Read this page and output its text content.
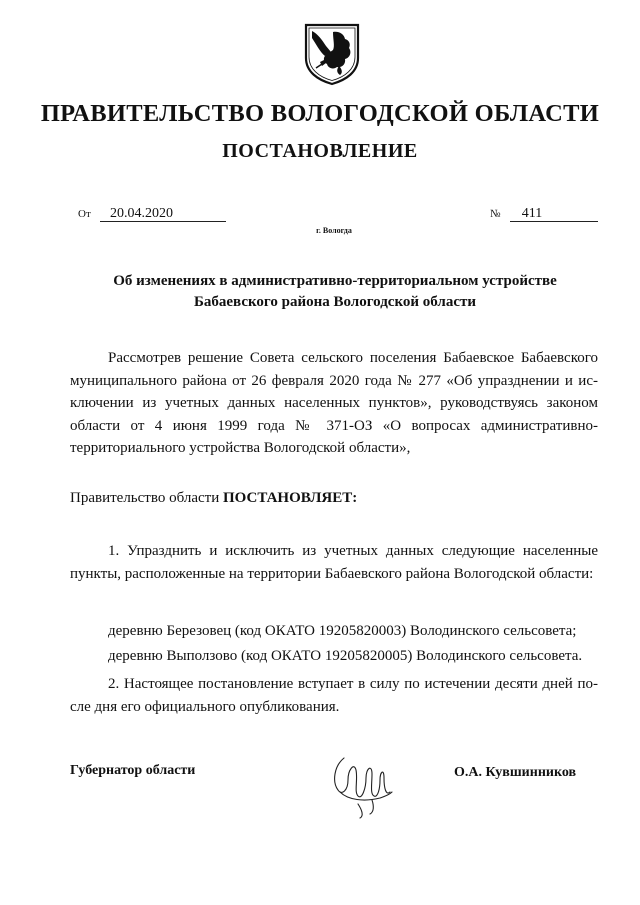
ПРАВИТЕЛЬСТВО ВОЛОГОДСКОЙ ОБЛАСТИ
ПОСТАНОВЛЕНИЕ
От 20.04.2020	№ 411
г. Вологда
Об изменениях в административно-территориальном устройстве
Бабаевского района Вологодской области
Рассмотрев решение Совета сельского поселения Бабаевское Бабаевского муниципального района от 26 февраля 2020 года № 277 «Об упразднении и исключении из учетных данных населенных пунктов», руководствуясь законом области от 4 июня 1999 года № 371-ОЗ «О вопросах административно-территориального устройства Вологодской области»,
Правительство области ПОСТАНОВЛЯЕТ:
1. Упразднить и исключить из учетных данных следующие населенные пункты, расположенные на территории Бабаевского района Вологодской области:
деревню Березовец (код ОКАТО 19205820003) Володинского сельсовета;
деревню Выползово (код ОКАТО 19205820005) Володинского сельсовета.
2. Настоящее постановление вступает в силу по истечении десяти дней после дня его официального опубликования.
Губернатор области	О.А. Кувшинников
